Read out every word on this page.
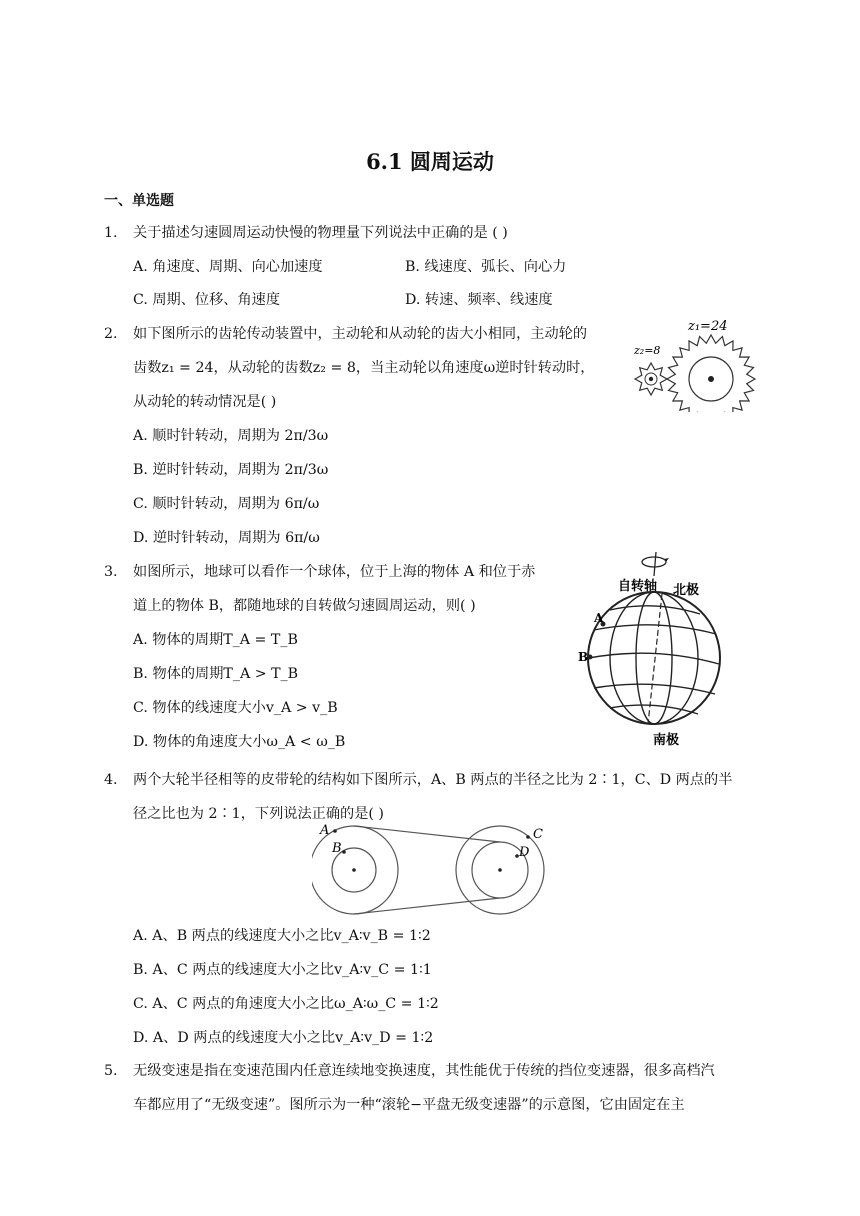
6.1 圆周运动
一、单选题
1. 关于描述匀速圆周运动快慢的物理量下列说法中正确的是 ( )
A. 角速度、周期、向心加速度	B. 线速度、弧长、向心力
C. 周期、位移、角速度	D. 转速、频率、线速度
2. 如下图所示的齿轮传动装置中，主动轮和从动轮的齿大小相同，主动轮的
齿数z₁ = 24，从动轮的齿数z₂ = 8，当主动轮以角速度ω逆时针转动时，
从动轮的转动情况是( )
A. 顺时针转动，周期为 2π/3ω
B. 逆时针转动，周期为 2π/3ω
C. 顺时针转动，周期为 6π/ω
D. 逆时针转动，周期为 6π/ω
z₁=24
z₂=8
3. 如图所示，地球可以看作一个球体，位于上海的物体 A 和位于赤
道上的物体 B，都随地球的自转做匀速圆周运动，则( )
A. 物体的周期T_A = T_B
B. 物体的周期T_A > T_B
C. 物体的线速度大小v_A > v_B
D. 物体的角速度大小ω_A < ω_B
自转轴 北极
南极
A
B
4. 两个大轮半径相等的皮带轮的结构如下图所示，A、B 两点的半径之比为 2∶1，C、D 两点的半
径之比也为 2∶1，下列说法正确的是( )
A
B
C
D
A. A、B 两点的线速度大小之比v_A∶v_B = 1∶2
B. A、C 两点的线速度大小之比v_A∶v_C = 1∶1
C. A、C 两点的角速度大小之比ω_A∶ω_C = 1∶2
D. A、D 两点的线速度大小之比v_A∶v_D = 1∶2
5. 无级变速是指在变速范围内任意连续地变换速度，其性能优于传统的挡位变速器，很多高档汽
车都应用了“无级变速”。图所示为一种“滚轮−平盘无级变速器”的示意图，它由固定在主
